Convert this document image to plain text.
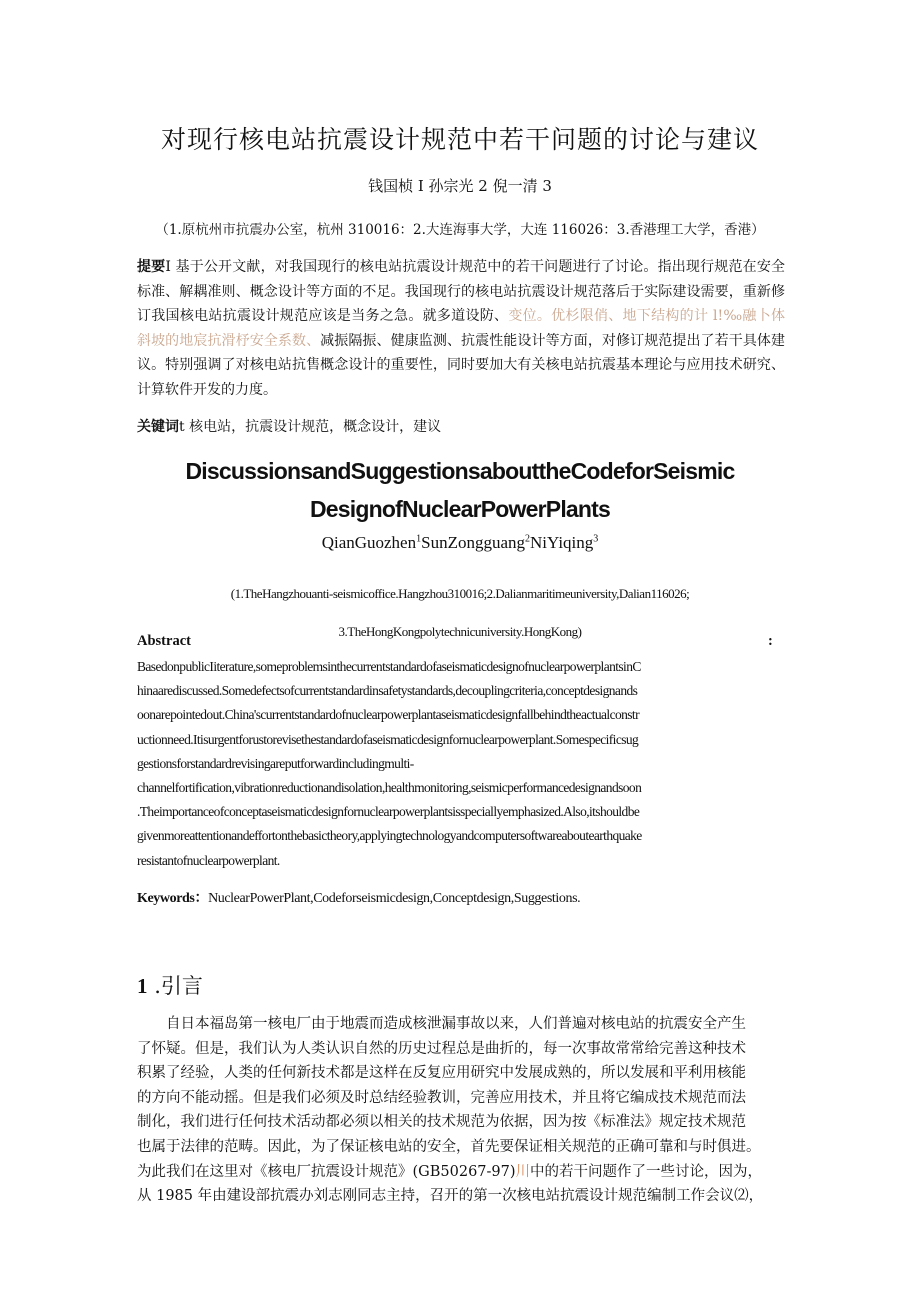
对现行核电站抗震设计规范中若干问题的讨论与建议
钱国桢 I 孙宗光 2 倪一清 3
（1.原杭州市抗震办公室，杭州 310016：2.大连海事大学，大连 116026：3.香港理工大学，香港）
提要I 基于公开文献，对我国现行的核电站抗震设计规范中的若干问题进行了讨论。指出现行规范在安全标准、解耦准则、概念设计等方面的不足。我国现行的核电站抗震设计规范落后于实际建设需要，重新修订我国核电站抗震设计规范应该是当务之急。就多道设防、变位。优杉限俏、地下结构的计 l!‰融卜体斜坡的地宸抗滑杼安全系数、减振隔振、健康监测、抗震性能设计等方面，对修订规范提出了若干具体建议。特别强调了对核电站抗售概念设计的重要性，同时要加大有关核电站抗震基本理论与应用技术研究、计算软件开发的力度。
关键词t 核电站，抗震设计规范，概念设计，建议
DiscussionsandSuggestionsabouttheCodeforSeismic
DesignofNuclearPowerPlants
QianGuozhen$^1$SunZongguang$^2$NiYiqing$^3$
(1.TheHangzhouanti-seismicoffice.Hangzhou310016;2.Dalianmaritimeuniversity,Dalian116026;
3.TheHongKongpolytechnicuniversity.HongKong)
Abstract	:
BasedonpublicIiterature,someproblemsinthecurrentstandardofaseismaticdesignofnuclearpowerplantsinC
hinaarediscussed.Somedefectsofcurrentstandardinsafetystandards,decouplingcriteria,conceptdesignands
oonarepointedout.China'scurrentstandardofnuclearpowerplantaseismaticdesignfallbehindtheactualconstr
uctionneed.Itisurgentforustorevisethestandardofaseismaticdesignfornuclearpowerplant.Somespecificsug
gestionsforstandardrevisingareputforwardincludingmulti-
channelfortification,vibrationreductionandisolation,healthmonitoring,seismicperformancedesignandsoon
.Theimportanceofconceptaseismaticdesignfornuclearpowerplantsisspeciallyemphasized.Also,itshouldbe
givenmoreattentionandeffortonthebasictheory,applyingtechnologyandcomputersoftwareaboutearthquake
resistantofnuclearpowerplant.
Keywords：NuclearPowerPlant,Codeforseismicdesign,Conceptdesign,Suggestions.
1 .引言
  自日本福岛第一核电厂由于地震而造成核泄漏事故以来，人们普遍对核电站的抗震安全产生
了怀疑。但是，我们认为人类认识自然的历史过程总是曲折的，每一次事故常常给完善这种技术
积累了经验，人类的任何新技术都是这样在反复应用研究中发展成熟的，所以发展和平利用核能
的方向不能动摇。但是我们必须及时总结经验教训，完善应用技术，并且将它编成技术规范而法
制化，我们进行任何技术活动都必须以相关的技术规范为依据，因为按《标准法》规定技术规范
也属于法律的范畴。因此，为了保证核电站的安全，首先要保证相关规范的正确可靠和与时俱进。
为此我们在这里对《核电厂抗震设计规范》(GB50267-97)川中的若干问题作了一些讨论，因为，
从 1985 年由建设部抗震办刘志刚同志主持，召开的第一次核电站抗震设计规范编制工作会议⑵，
